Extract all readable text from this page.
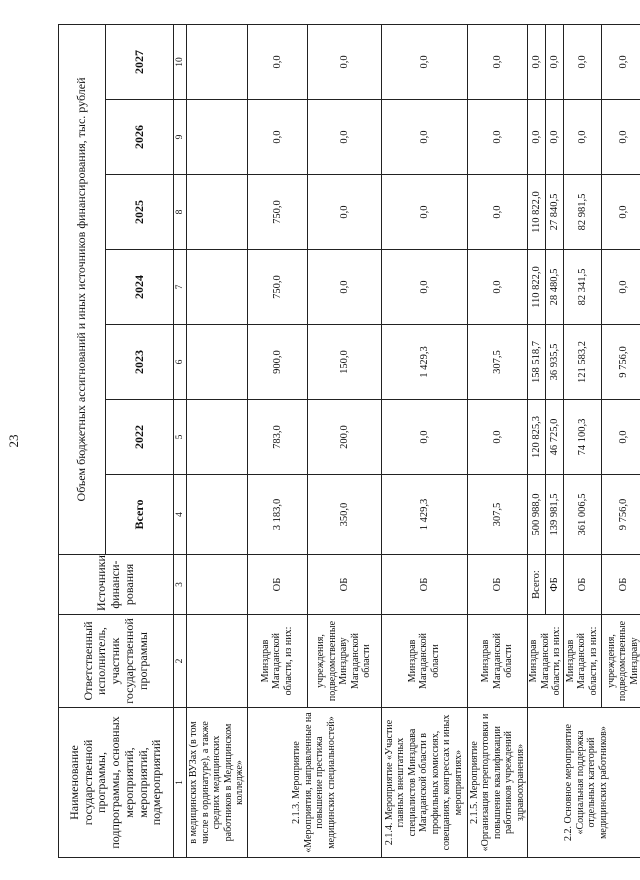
23
Наименование государственной программы, подпрограммы, основных мероприятий, мероприятий, подмероприятий	Ответственный исполнитель, участник государственной программы	Источники финанси-рования	Объем бюджетных ассигнований и иных источников финансирования, тыс. рублей						
			Всего	2022	2023	2024	2025	2026	2027
1	2	3	4	5	6	7	8	9	10
в медицинских ВУЗах (в том числе в ординатуре), а также средних медицинских работников в Медицинском колледже»									
2.1.3. Мероприятие «Мероприятия, направленные на повышение престижа медицинских специальностей»	Минздрав Магаданской области, из них:	ОБ	3 183,0	783,0	900,0	750,0	750,0	0,0	0,0
	учреждения, подведомственные Минздраву Магаданской области	ОБ	350,0	200,0	150,0	0,0	0,0	0,0	0,0
2.1.4. Мероприятие «Участие главных внештатных специалистов Минздрава Магаданской области в профильных комиссиях, совещаниях, конгрессах и иных мероприятиях»	Минздрав Магаданской области	ОБ	1 429,3	0,0	1 429,3	0,0	0,0	0,0	0,0
2.1.5. Мероприятие «Организация переподготовки и повышение квалификации работников учреждений здравоохранения»	Минздрав Магаданской области	ОБ	307,5	0,0	307,5	0,0	0,0	0,0	0,0
2.2. Основное мероприятие «Социальная поддержка отдельных категорий медицинских работников»	Минздрав Магаданской области, из них:	Всего:	500 988,0	120 825,3	158 518,7	110 822,0	110 822,0	0,0	0,0
		ФБ	139 981,5	46 725,0	36 935,5	28 480,5	27 840,5	0,0	0,0
	Минздрав Магаданской области, из них:	ОБ	361 006,5	74 100,3	121 583,2	82 341,5	82 981,5	0,0	0,0
	учреждения, подведомственные Минздраву	ОБ	9 756,0	0,0	9 756,0	0,0	0,0	0,0	0,0
